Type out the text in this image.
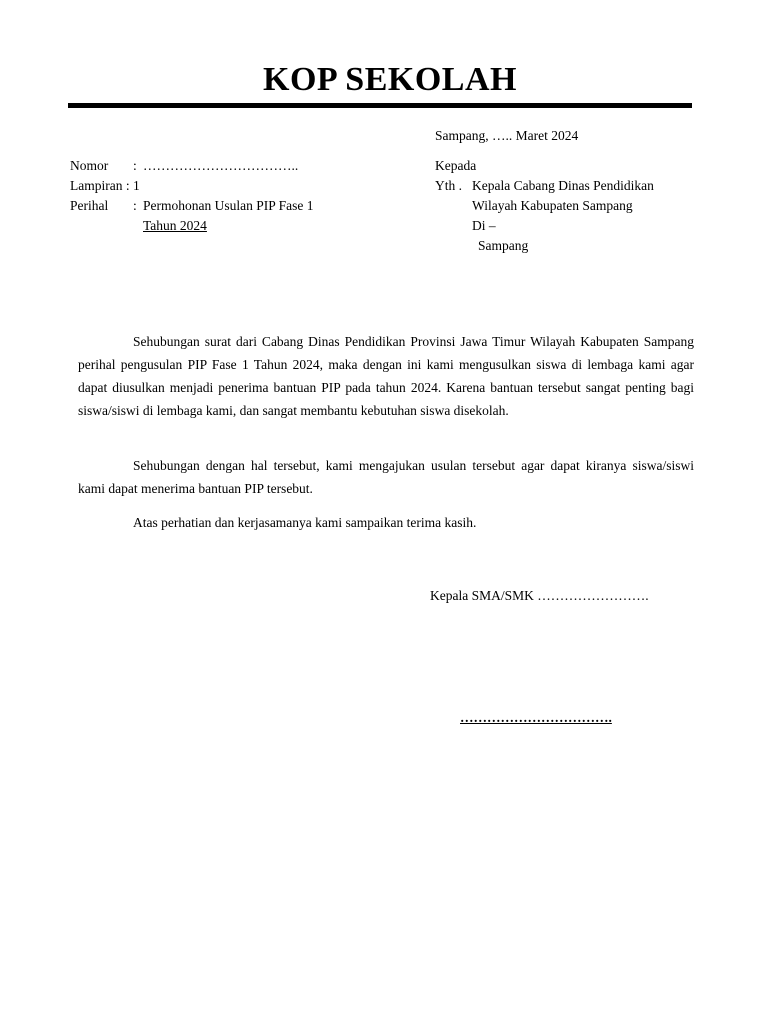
KOP SEKOLAH
Sampang, ….. Maret 2024
Nomor : ……………………………..
Lampiran : 1
Perihal : Permohonan Usulan PIP Fase 1
Tahun 2024
Kepada
Yth . Kepala Cabang Dinas Pendidikan
Wilayah Kabupaten Sampang
Di –
Sampang
Sehubungan surat dari Cabang Dinas Pendidikan Provinsi Jawa Timur Wilayah Kabupaten Sampang perihal pengusulan PIP Fase 1 Tahun 2024, maka dengan ini kami mengusulkan siswa di lembaga kami agar dapat diusulkan menjadi penerima bantuan PIP pada tahun 2024. Karena bantuan tersebut sangat penting bagi siswa/siswi di lembaga kami, dan sangat membantu kebutuhan siswa disekolah.
Sehubungan dengan hal tersebut, kami mengajukan usulan tersebut agar dapat kiranya siswa/siswi kami dapat menerima bantuan PIP tersebut.
Atas perhatian dan kerjasamanya kami sampaikan terima kasih.
Kepala SMA/SMK …………………….
…………………………….
